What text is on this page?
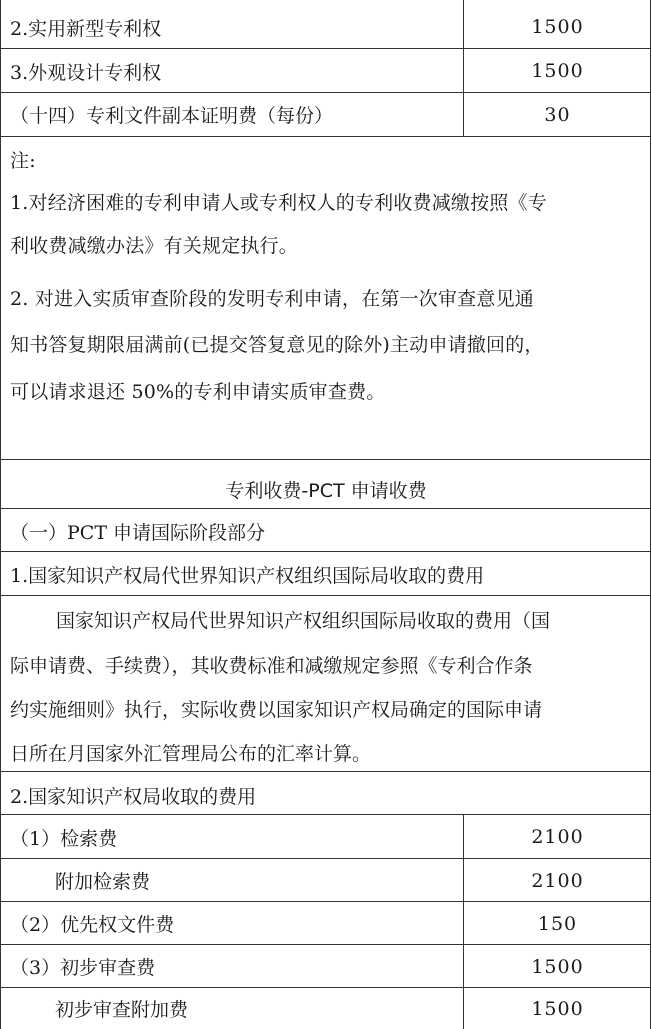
2.实用新型专利权	1500
3.外观设计专利权	1500
（十四）专利文件副本证明费（每份）	30
注:
1.对经济困难的专利申请人或专利权人的专利收费减缴按照《专
利收费减缴办法》有关规定执行。
2. 对进入实质审查阶段的发明专利申请，在第一次审查意见通
知书答复期限届满前(已提交答复意见的除外)主动申请撤回的，
可以请求退还 50%的专利申请实质审查费。
专利收费-PCT 申请收费
（一）PCT 申请国际阶段部分
1.国家知识产权局代世界知识产权组织国际局收取的费用
国家知识产权局代世界知识产权组织国际局收取的费用（国
际申请费、手续费），其收费标准和减缴规定参照《专利合作条
约实施细则》执行，实际收费以国家知识产权局确定的国际申请
日所在月国家外汇管理局公布的汇率计算。
2.国家知识产权局收取的费用
（1）检索费	2100
附加检索费	2100
（2）优先权文件费	150
（3）初步审查费	1500
初步审查附加费	1500
